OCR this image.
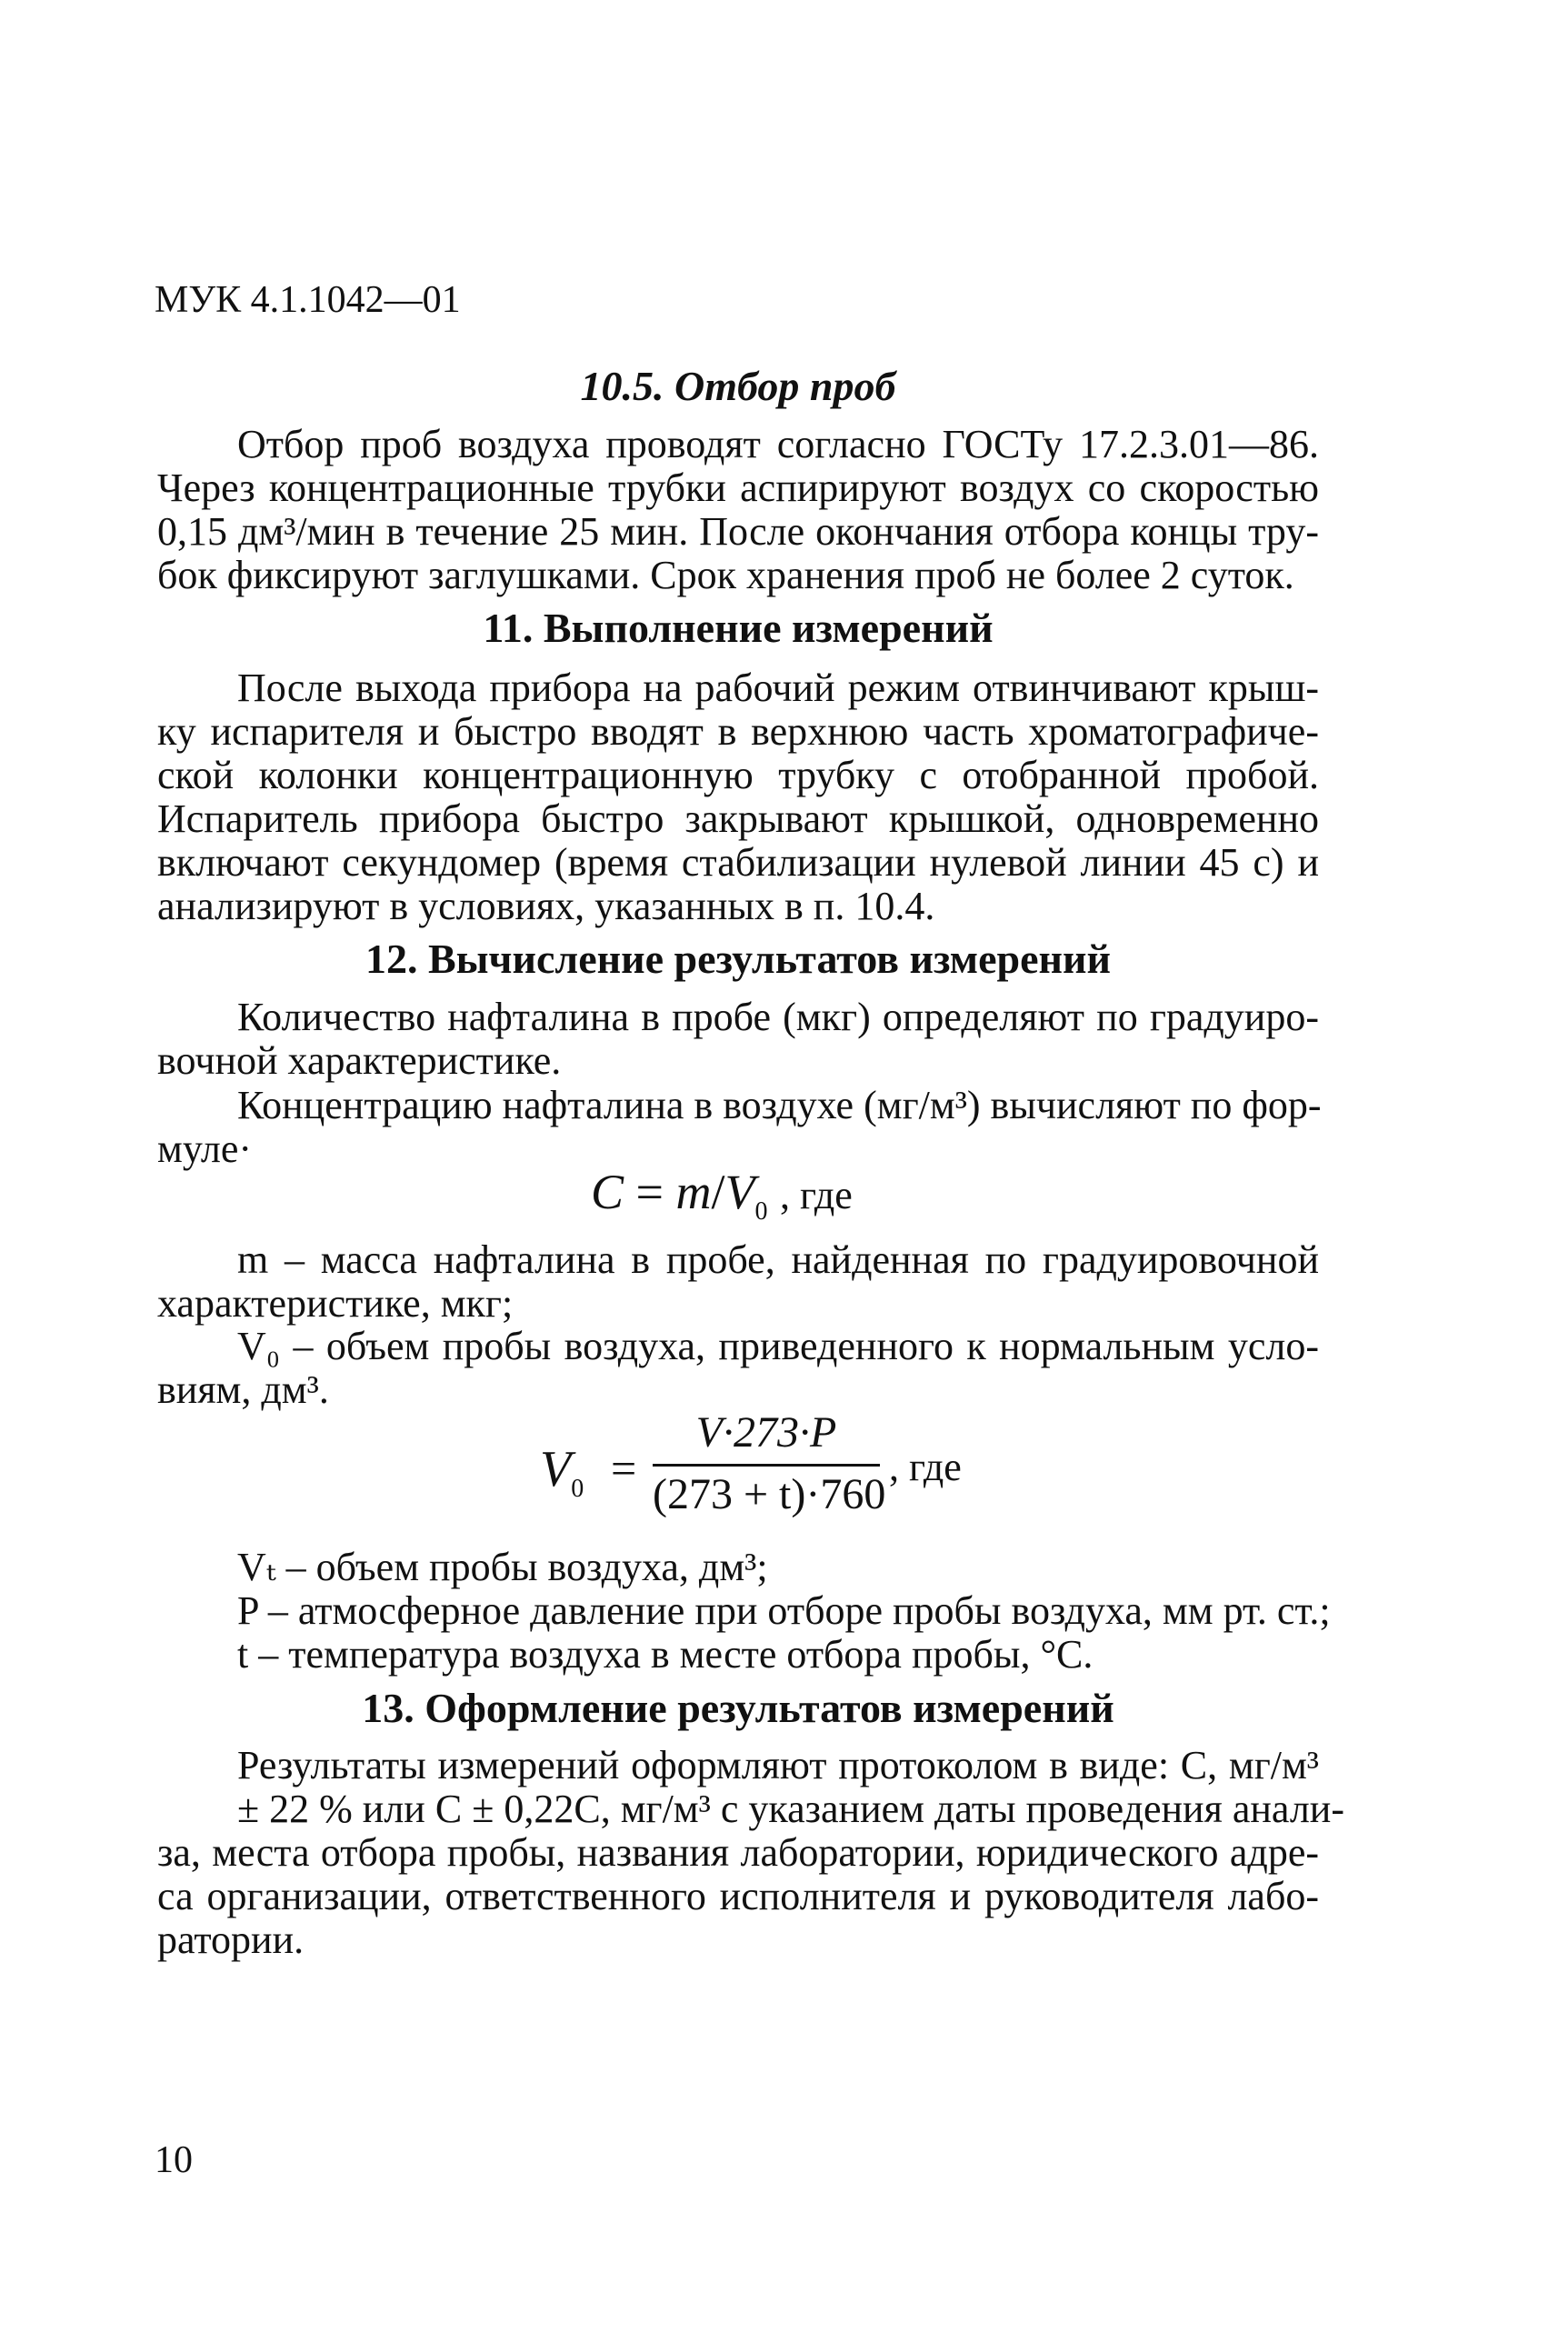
МУК 4.1.1042—01
10.5. Отбор проб
Отбор проб воздуха проводят согласно ГОСТу 17.2.3.01—86.
Через концентрационные трубки аспирируют воздух со скоростью
0,15 дм³/мин в течение 25 мин. После окончания отбора концы тру-
бок фиксируют заглушками. Срок хранения проб не более 2 суток.
11. Выполнение измерений
После выхода прибора на рабочий режим отвинчивают крыш-
ку испарителя и быстро вводят в верхнюю часть хроматографиче-
ской колонки концентрационную трубку с отобранной пробой.
Испаритель прибора быстро закрывают крышкой, одновременно
включают секундомер (время стабилизации нулевой линии 45 с) и
анализируют в условиях, указанных в п. 10.4.
12. Вычисление результатов измерений
Количество нафталина в пробе (мкг) определяют по градуиро-
вочной характеристике.
Концентрацию нафталина в воздухе (мг/м³) вычисляют по фор-
муле·
$C = m/V_0$ , где
m – масса нафталина в пробе, найденная по градуировочной
характеристике, мкг;
V₀ – объем пробы воздуха, приведенного к нормальным усло-
виям, дм³.
$V_0$ =
V·273·P
(273 + t)·760
, где
Vₜ – объем пробы воздуха, дм³;
P – атмосферное давление при отборе пробы воздуха, мм рт. ст.;
t – температура воздуха в месте отбора пробы, °С.
13. Оформление результатов измерений
Результаты измерений оформляют протоколом в виде: С, мг/м³
± 22 % или С ± 0,22С, мг/м³ с указанием даты проведения анали-
за, места отбора пробы, названия лаборатории, юридического адре-
са организации, ответственного исполнителя и руководителя лабо-
ратории.
10
